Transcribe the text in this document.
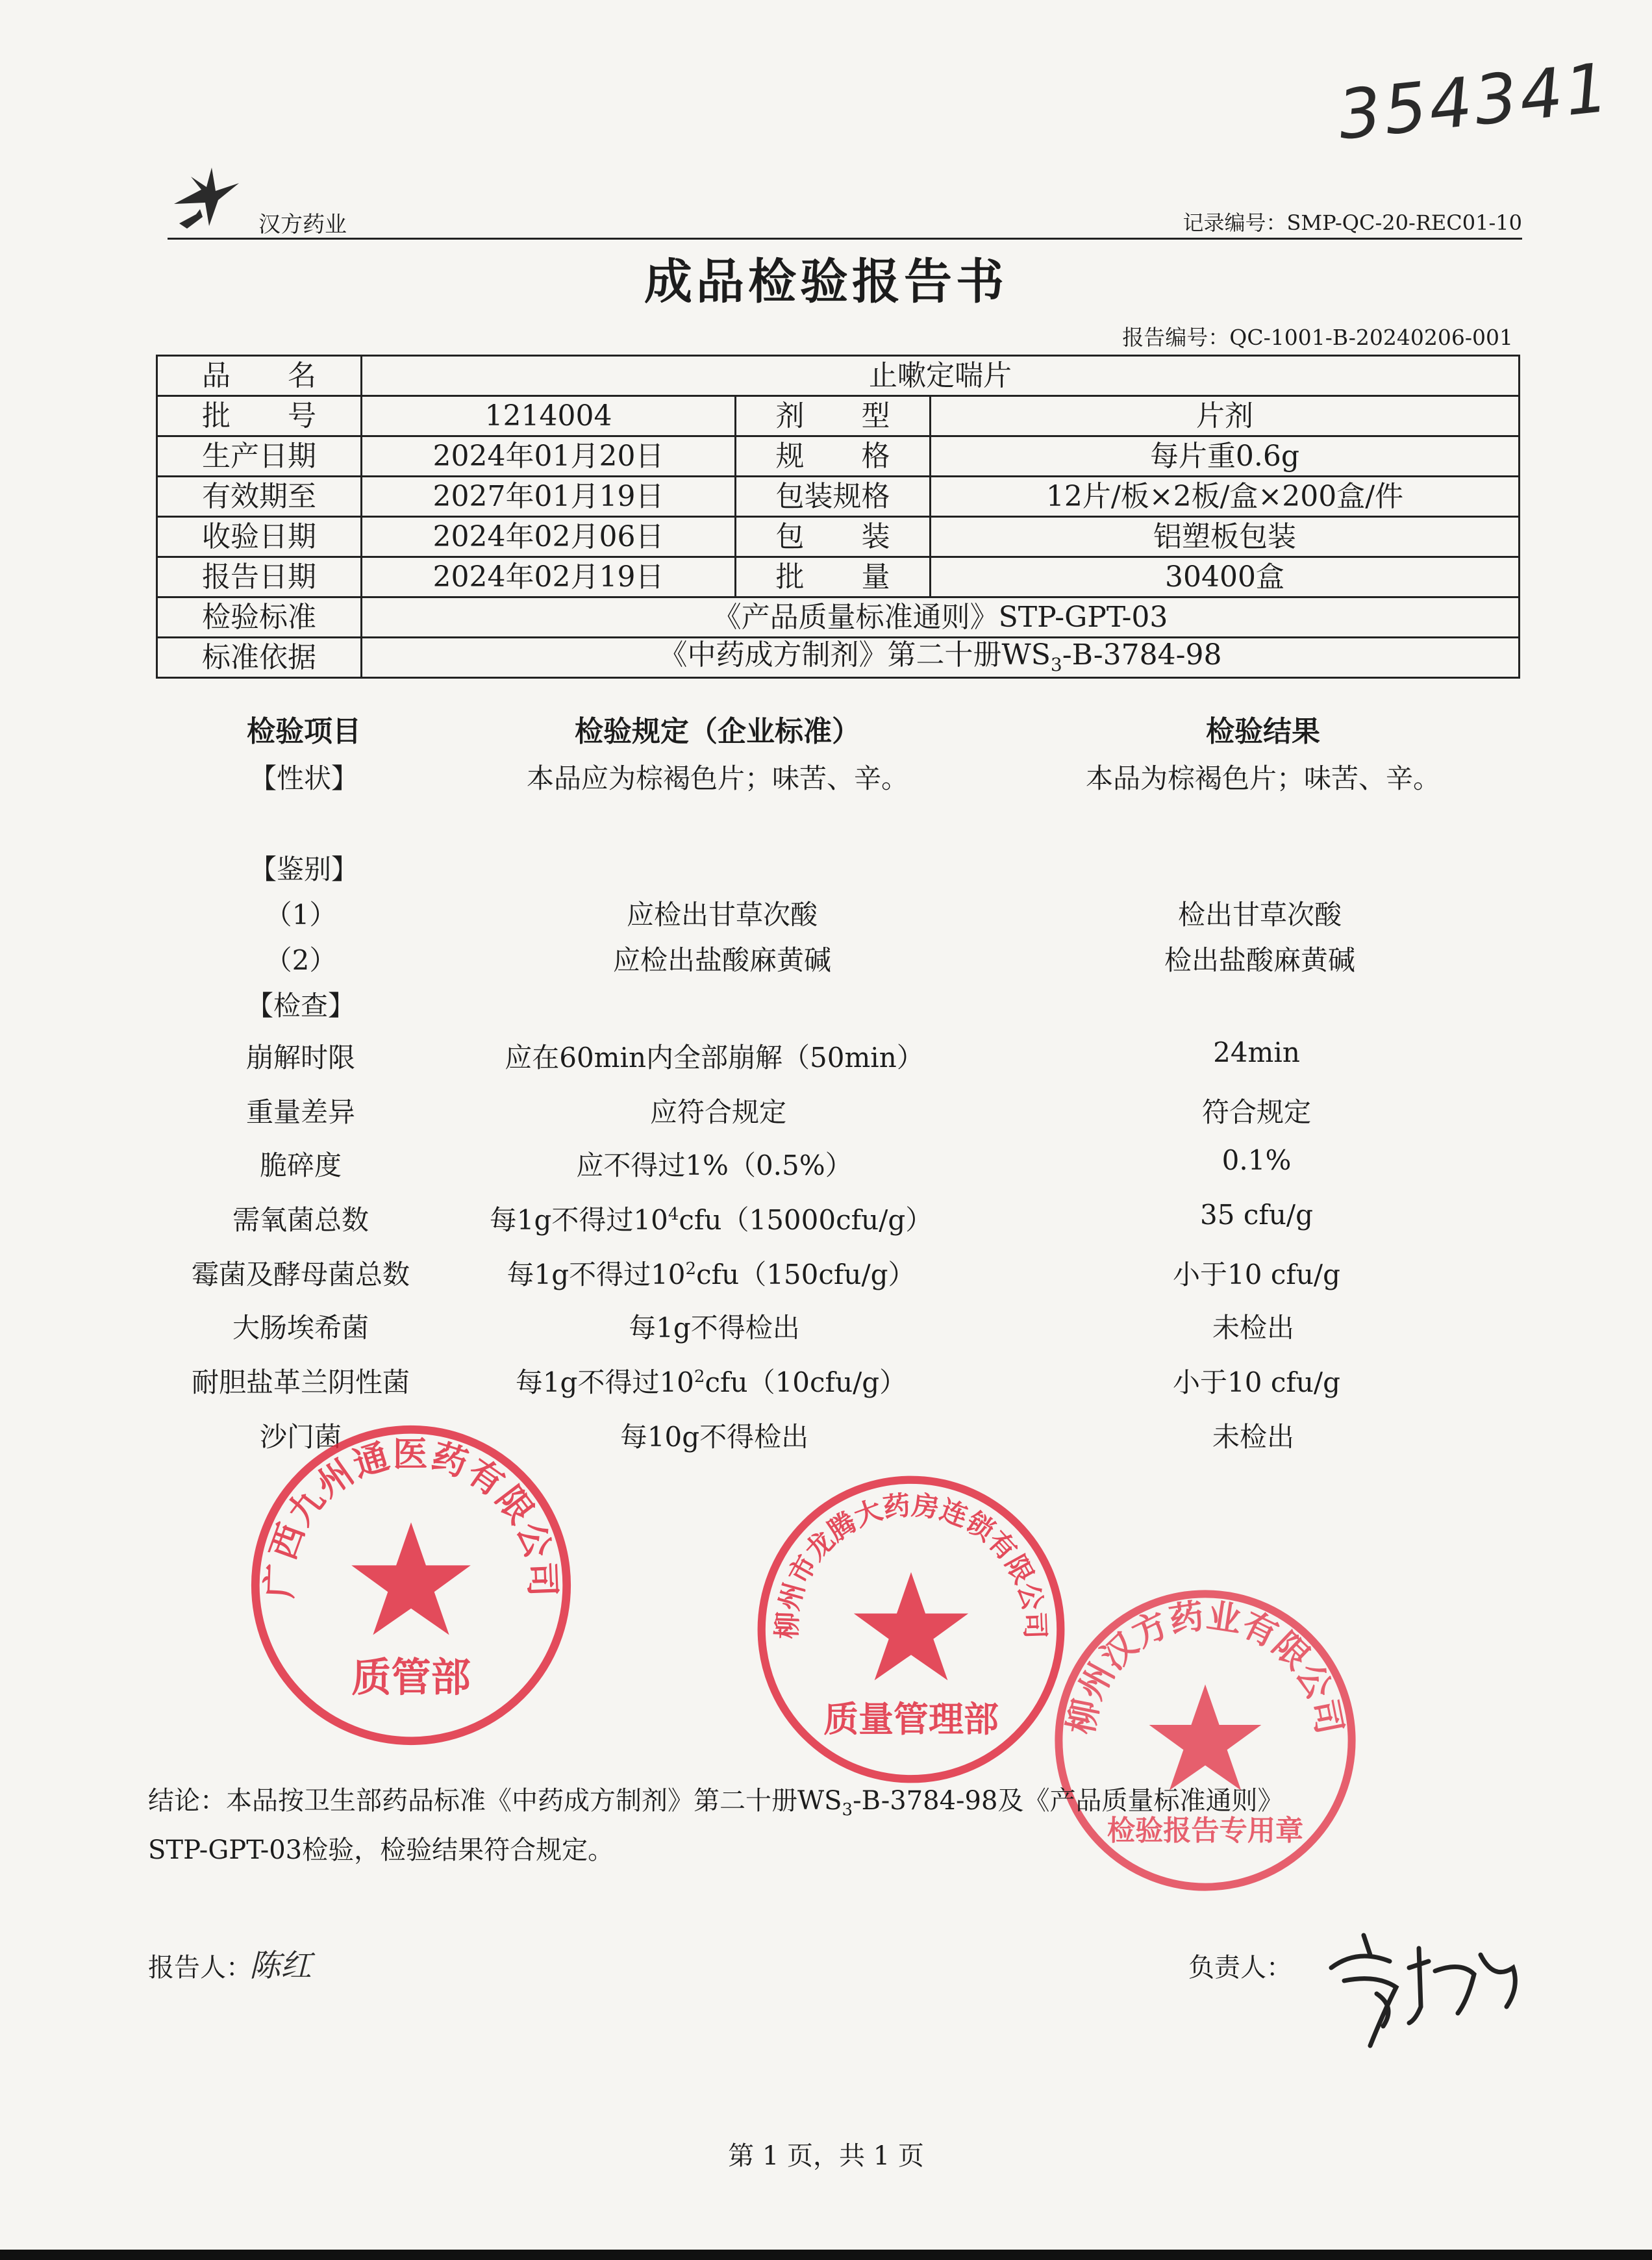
354341
汉方药业	记录编号：SMP-QC-20-REC01-10
成品检验报告书
报告编号：QC-1001-B-20240206-001
品　　名	止嗽定喘片		
批　　号	1214004	剂　　型	片剂
生产日期	2024年01月20日	规　　格	每片重0.6g
有效期至	2027年01月19日	包装规格	12片/板×2板/盒×200盒/件
收验日期	2024年02月06日	包　　装	铝塑板包装
报告日期	2024年02月19日	批　　量	30400盒
检验标准	《产品质量标准通则》STP-GPT-03		
标准依据	《中药成方制剂》第二十册$WS_3-B-3784-98$		
检验项目	检验规定（企业标准）	检验结果
【性状】	本品应为棕褐色片；味苦、辛。	本品为棕褐色片；味苦、辛。
【鉴别】
（1）	应检出甘草次酸	检出甘草次酸
（2）	应检出盐酸麻黄碱	检出盐酸麻黄碱
【检查】
崩解时限	应在60min内全部崩解（50min）	24min
重量差异	应符合规定	符合规定
脆碎度	应不得过1%（0.5%）	0.1%
需氧菌总数	每1g不得过$10^4cfu(15000cfu/g)$	35 cfu/g
霉菌及酵母菌总数	每1g不得过$10^2cfu(150cfu/g)$	小于10 cfu/g
大肠埃希菌	每1g不得检出	未检出
耐胆盐革兰阴性菌	每1g不得过$10^2cfu(10cfu/g)$	小于10 cfu/g
沙门菌	每10g不得检出	未检出
广西九州通医药有限公司
质管部
柳州市龙腾大药房连锁有限公司
质量管理部	柳州汉方药业有限公司
检验报告专用章
结论：本品按卫生部药品标准《中药成方制剂》第二十册$WS_3-B-3784-98$及《产品质量标准通则》
STP-GPT-03检验，检验结果符合规定。
报告人：
陈红	负责人：
第 1 页，共 1 页
